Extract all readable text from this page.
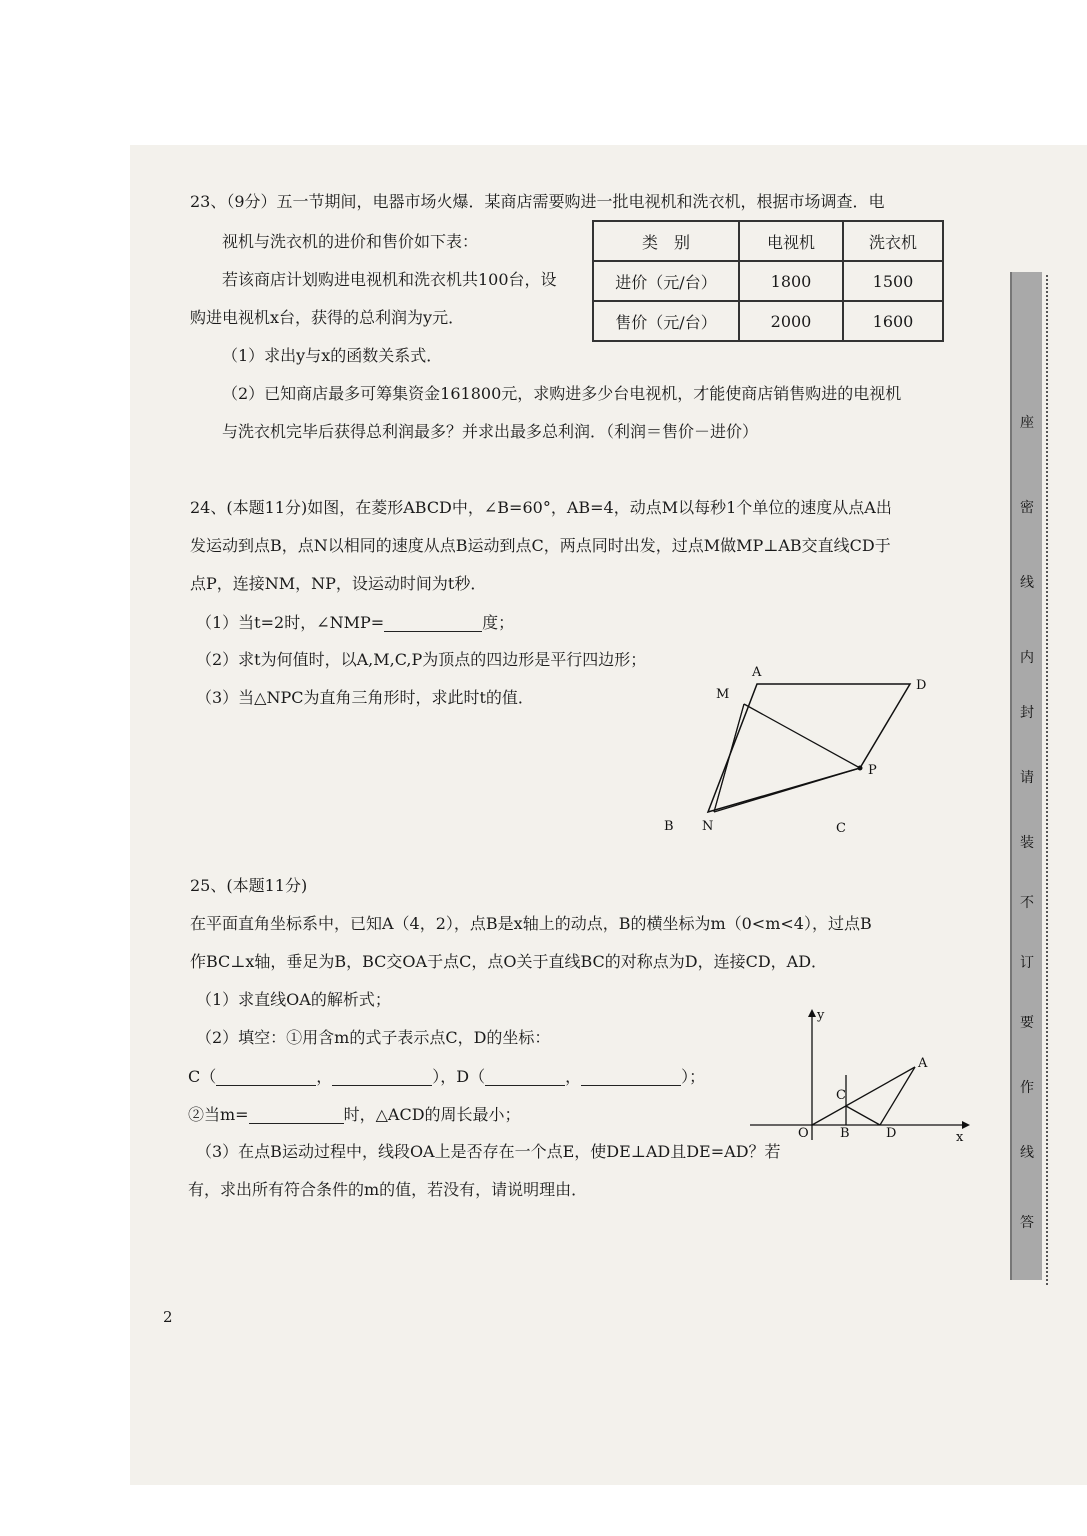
23、（9分）五一节期间，电器市场火爆．某商店需要购进一批电视机和洗衣机，根据市场调查．电
视机与洗衣机的进价和售价如下表：
若该商店计划购进电视机和洗衣机共100台，设
购进电视机x台，获得的总利润为y元．
（1）求出y与x的函数关系式．
（2）已知商店最多可筹集资金161800元，求购进多少台电视机，才能使商店销售购进的电视机
与洗衣机完毕后获得总利润最多？并求出最多总利润．（利润＝售价－进价）
类　别	电视机	洗衣机
进价（元/台）	1800	1500
售价（元/台）	2000	1600
24、(本题11分)如图，在菱形ABCD中，∠B=60°，AB=4，动点M以每秒1个单位的速度从点A出
发运动到点B，点N以相同的速度从点B运动到点C，两点同时出发，过点M做MP⊥AB交直线CD于
点P，连接NM，NP，设运动时间为t秒．
（1）当t=2时，∠NMP=	度；
（2）求t为何值时，以A,M,C,P为顶点的四边形是平行四边形；
（3）当△NPC为直角三角形时，求此时t的值．
A
D
M
P
B N	C
25、(本题11分)
在平面直角坐标系中，已知A（4，2），点B是x轴上的动点，B的横坐标为m（0<m<4），过点B
作BC⊥x轴，垂足为B，BC交OA于点C，点O关于直线BC的对称点为D，连接CD，AD．
（1）求直线OA的解析式；
（2）填空：①用含m的式子表示点C，D的坐标：
C（	，	），D（	，	）；
②当m=	时，△ACD的周长最小；
（3）在点B运动过程中，线段OA上是否存在一个点E，使DE⊥AD且DE=AD？若
有，求出所有符合条件的m的值，若没有，请说明理由．
y
A
C
O B	D	x
座
密
线
内
封
请
装
不
订
要
作
线
答
2
